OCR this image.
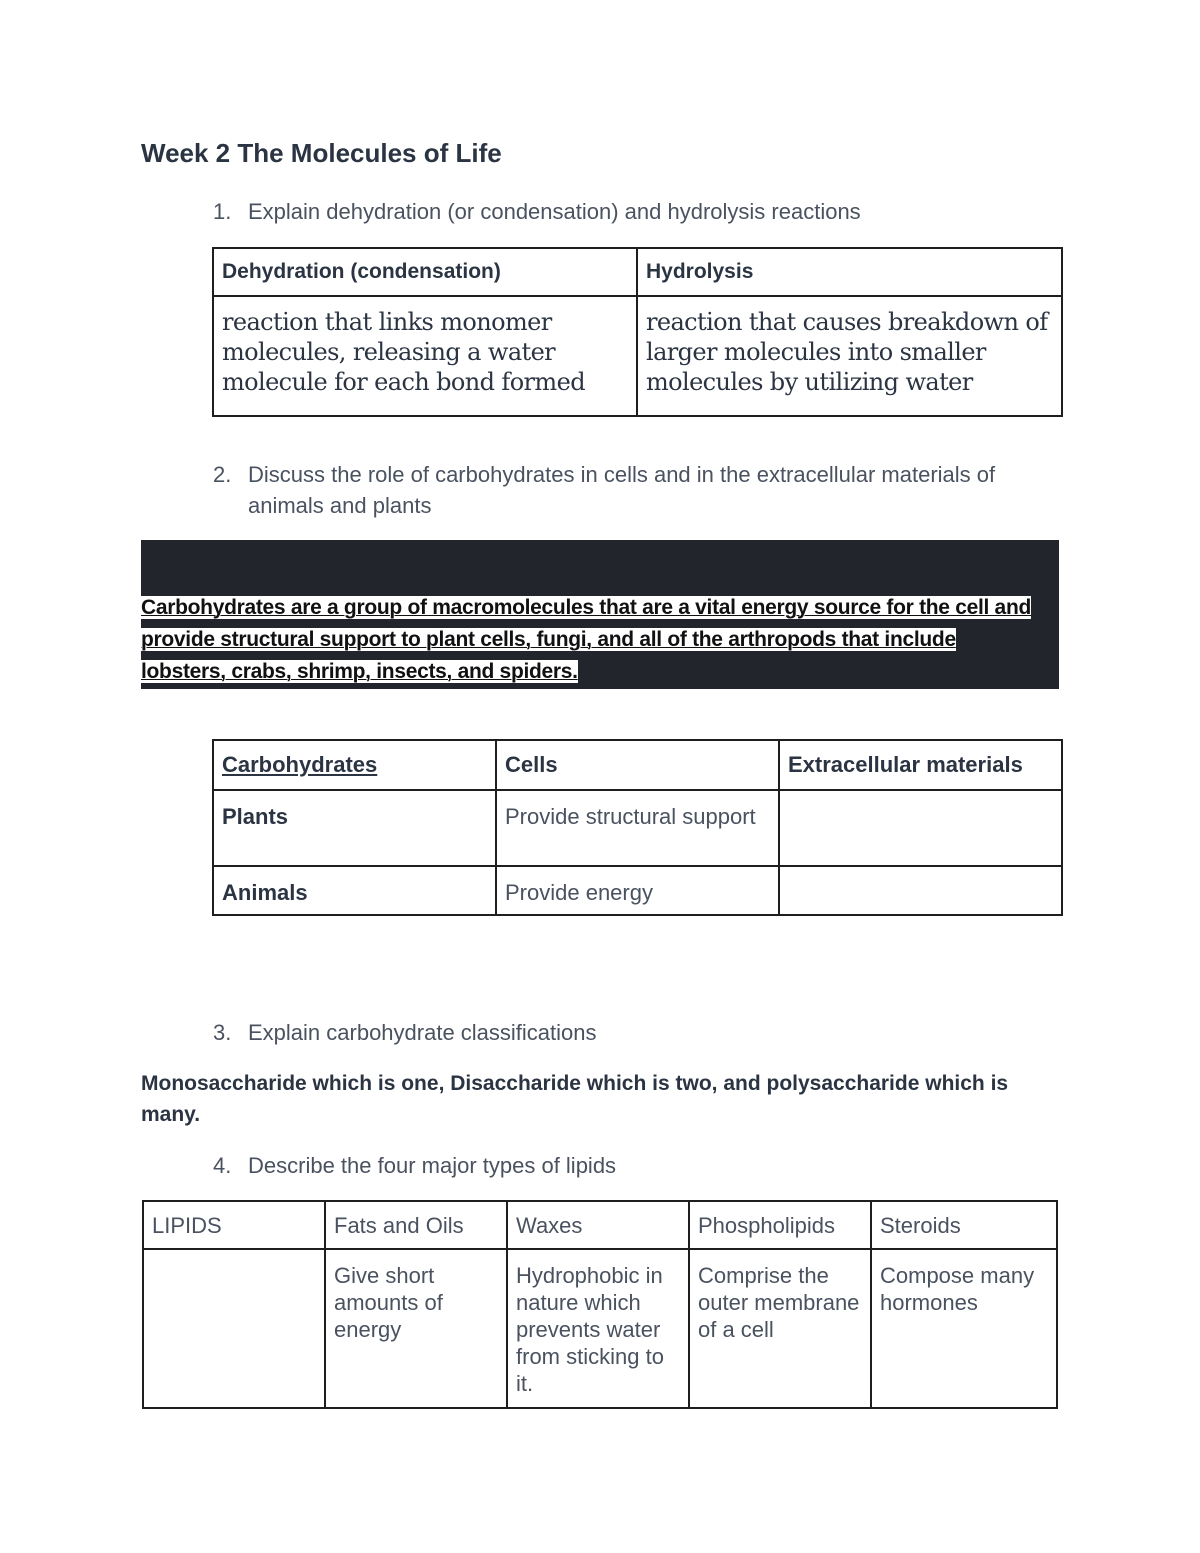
Week 2 The Molecules of Life
1. Explain dehydration (or condensation) and hydrolysis reactions
Dehydration (condensation)	Hydrolysis
reaction that links monomer molecules, releasing a water molecule for each bond formed	reaction that causes breakdown of larger molecules into smaller molecules by utilizing water
2. Discuss the role of carbohydrates in cells and in the extracellular materials of
animals and plants
Carbohydrates are a group of macromolecules that are a vital energy source for the cell and provide structural support to plant cells, fungi, and all of the arthropods that include lobsters, crabs, shrimp, insects, and spiders.
Carbohydrates	Cells	Extracellular materials
Plants	Provide structural support	
Animals	Provide energy	
3. Explain carbohydrate classifications
Monosaccharide which is one, Disaccharide which is two, and polysaccharide which is many.
4. Describe the four major types of lipids
LIPIDS	Fats and Oils	Waxes	Phospholipids	Steroids
	Give short amounts of energy	Hydrophobic in nature which prevents water from sticking to it.	Comprise the outer membrane of a cell	Compose many hormones
